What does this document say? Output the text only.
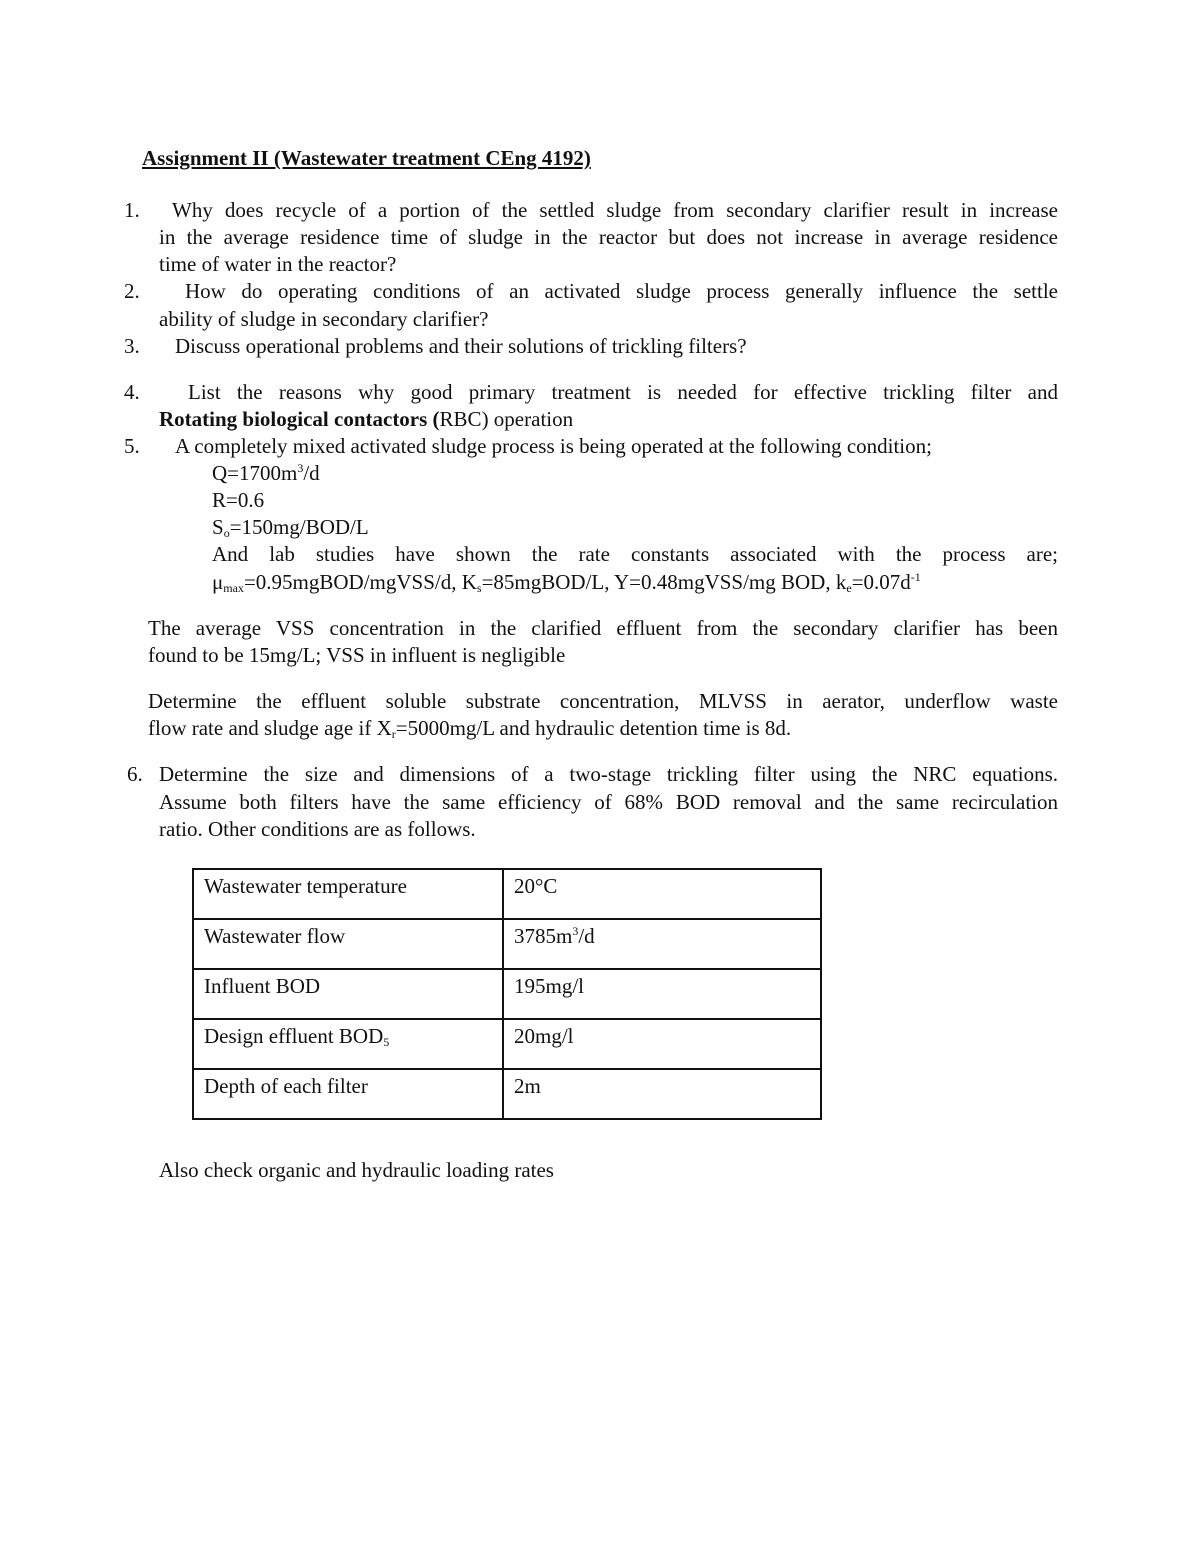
Assignment II (Wastewater treatment CEng 4192)
1. Why does recycle of a portion of the settled sludge from secondary clarifier result in increase
in the average residence time of sludge in the reactor but does not increase in average residence
time of water in the reactor?
2. How do operating conditions of an activated sludge process generally influence the settle
ability of sludge in secondary clarifier?
3. Discuss operational problems and their solutions of trickling filters?
4. List the reasons why good primary treatment is needed for effective trickling filter and
Rotating biological contactors (RBC) operation
5. A completely mixed activated sludge process is being operated at the following condition;
$Q=1700m^3/d$
R=0.6
$S_o=150mg/BOD/L$
And lab studies have shown the rate constants associated with the process are;
$\mu_{max}=0.95mgBOD/mgVSS/d$, $K_s=85mgBOD/L$, Y=0.48mgVSS/mg BOD, $k_e=0.07d^{-1}$
The average VSS concentration in the clarified effluent from the secondary clarifier has been
found to be 15mg/L; VSS in influent is negligible
Determine the effluent soluble substrate concentration, MLVSS in aerator, underflow waste
flow rate and sludge age if $X_r=5000mg/L$ and hydraulic detention time is 8d.
6. Determine the size and dimensions of a two-stage trickling filter using the NRC equations.
Assume both filters have the same efficiency of 68% BOD removal and the same recirculation
ratio. Other conditions are as follows.
Wastewater temperature	20°C
Wastewater flow	$3785m^3/d$
Influent BOD	195mg/l
Design effluent $BOD_5$	20mg/l
Depth of each filter	2m
Also check organic and hydraulic loading rates
